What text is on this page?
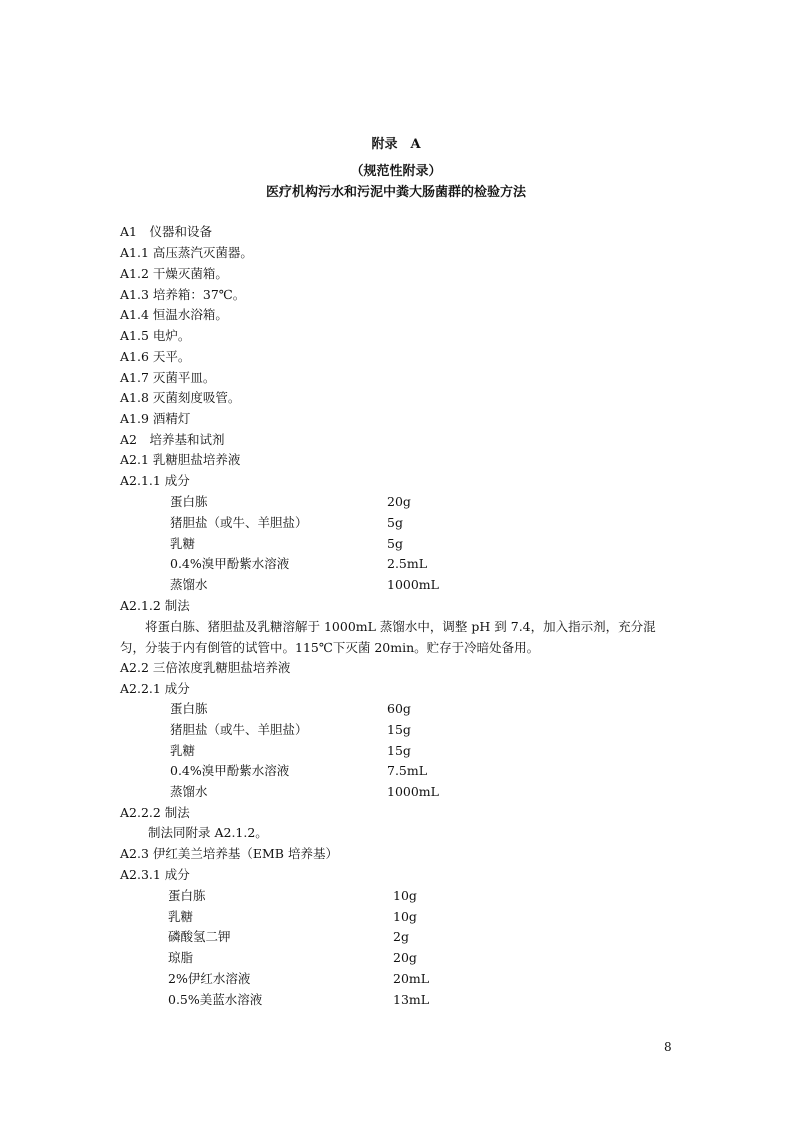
附录　A
（规范性附录）
医疗机构污水和污泥中粪大肠菌群的检验方法
A1　仪器和设备
A1.1 高压蒸汽灭菌器。
A1.2 干燥灭菌箱。
A1.3 培养箱：37℃。
A1.4 恒温水浴箱。
A1.5 电炉。
A1.6 天平。
A1.7 灭菌平皿。
A1.8 灭菌刻度吸管。
A1.9 酒精灯
A2　培养基和试剂
A2.1 乳糖胆盐培养液
A2.1.1 成分
蛋白胨	20g
猪胆盐（或牛、羊胆盐）	5g
乳糖	5g
0.4%溴甲酚紫水溶液	2.5mL
蒸馏水	1000mL
A2.1.2 制法
　　将蛋白胨、猪胆盐及乳糖溶解于 1000mL 蒸馏水中，调整 pH 到 7.4，加入指示剂，充分混匀，分装于内有倒管的试管中。115℃下灭菌 20min。贮存于冷暗处备用。
A2.2 三倍浓度乳糖胆盐培养液
A2.2.1 成分
蛋白胨	60g
猪胆盐（或牛、羊胆盐）	15g
乳糖	15g
0.4%溴甲酚紫水溶液	7.5mL
蒸馏水	1000mL
A2.2.2 制法
制法同附录 A2.1.2。
A2.3 伊红美兰培养基（EMB 培养基）
A2.3.1 成分
蛋白胨	10g
乳糖	10g
磷酸氢二钾	2g
琼脂	20g
2%伊红水溶液	20mL
0.5%美蓝水溶液	13mL
8
